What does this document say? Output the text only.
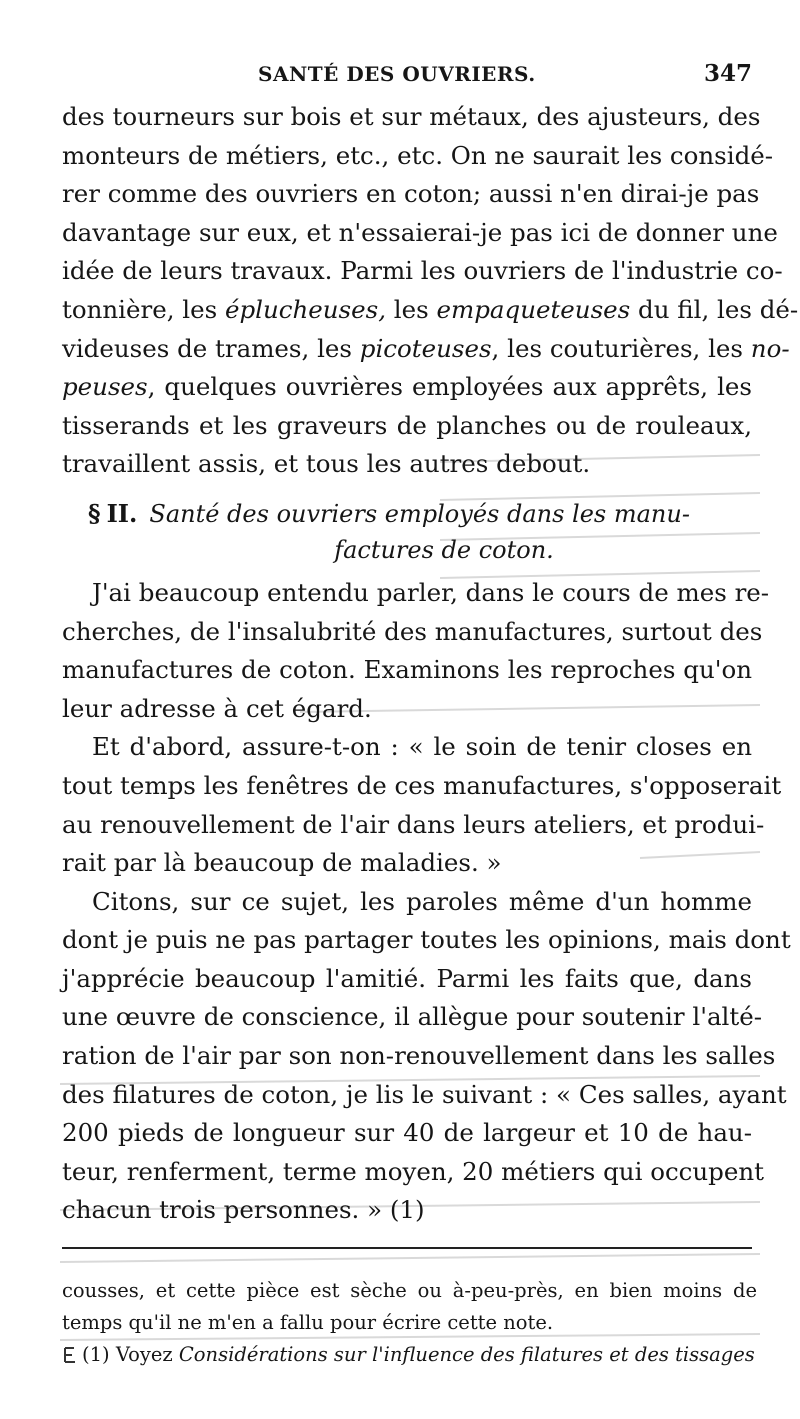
SANTÉ DES OUVRIERS.	347
des tourneurs sur bois et sur métaux, des ajusteurs, des
monteurs de métiers, etc., etc. On ne saurait les considé-
rer comme des ouvriers en coton; aussi n'en dirai-je pas
davantage sur eux, et n'essaierai-je pas ici de donner une
idée de leurs travaux. Parmi les ouvriers de l'industrie co-
tonnière, les éplucheuses, les empaqueteuses du fil, les dé-
videuses de trames, les picoteuses, les couturières, les no-
peuses, quelques ouvrières employées aux apprêts, les
tisserands et les graveurs de planches ou de rouleaux,
travaillent assis, et tous les autres debout.
§ II. Santé des ouvriers employés dans les manu-
factures de coton.
J'ai beaucoup entendu parler, dans le cours de mes re-
cherches, de l'insalubrité des manufactures, surtout des
manufactures de coton. Examinons les reproches qu'on
leur adresse à cet égard.
Et d'abord, assure-t-on : « le soin de tenir closes en
tout temps les fenêtres de ces manufactures, s'opposerait
au renouvellement de l'air dans leurs ateliers, et produi-
rait par là beaucoup de maladies. »
Citons, sur ce sujet, les paroles même d'un homme
dont je puis ne pas partager toutes les opinions, mais dont
j'apprécie beaucoup l'amitié. Parmi les faits que, dans
une œuvre de conscience, il allègue pour soutenir l'alté-
ration de l'air par son non-renouvellement dans les salles
des filatures de coton, je lis le suivant : « Ces salles, ayant
200 pieds de longueur sur 40 de largeur et 10 de hau-
teur, renferment, terme moyen, 20 métiers qui occupent
chacun trois personnes. » (1)
cousses, et cette pièce est sèche ou à-peu-près, en bien moins de
temps qu'il ne m'en a fallu pour écrire cette note.
(1) Voyez Considérations sur l'influence des filatures et des tissages
